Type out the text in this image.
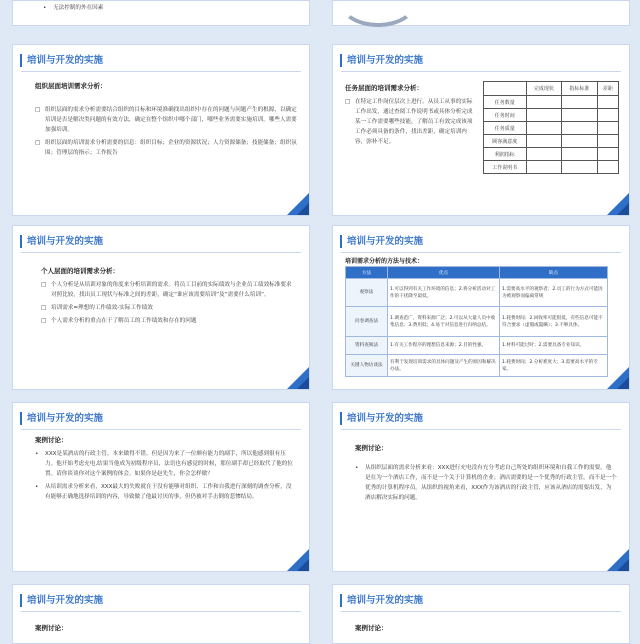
• 无法控制的外在因素
培训与开发的实施
组织层面培训需求分析：

□ 组织层面的需求分析需要结合组织的目标和环境准确找出组织中存在的问题与问题产生的根源，以确定培训是否是解决类问题的有效方法，确定在整个组织中哪个部门，哪些业务需要实施培训，哪些人需要加强培训。

□ 组织层面的培训需求分析需要的信息：组织目标；企业的资源状况；人力资源储备；技能储备；组织氛围；管理层的指示；工作报告

培训与开发的实施
任务层面的培训需求分析：

□ 在特定工作岗位层次上进行。从员工从事的实际工作出发，通过查阅工作说明书或具体分析完成某一工作需要哪些技能，了解员工有效完成该项工作必须具备的条件，找出差距，确定培训内容，弥补不足。

	完成现状	指标标准	差距
任务数量			
任务时间			
任务质量			
顾客满意度			
利润指标			
工作说明书			
培训与开发的实施
个人层面的培训需求分析：

□ 个人分析是从培训对象的角度来分析培训的需求。将员工目前的实际绩效与企业员工绩效标准要求对照比较，找出员工现状与标准之间的差距，确定“谁应该需要培训”及“需要什么培训”。

□ 培训需求=理想的工作绩效-实际工作绩效

□ 个人需求分析的重点在于了解员工的工作绩效和存在的问题

培训与开发的实施
培训需求分析的方法与技术：
方法	优点	缺点
观察法	1.可以得到有关工作环境的信息；2.将分析活动对工作的干扰降至最低。	1.需要高水平的观察者；2.员工的行为方式可能因为被观察而偏离常规
问卷调查法	1.调查范广，资料来源广泛；2.可以从大量人员中收集信息；3.费用低；4.易于对信息进行归纳总结。	1.耗费时间；2.回收率可能很低，有些信息可能不符合要求（虚假或隐瞒）；3.不够具体。
资料查阅法	1.有关工作程序的理想信息来源；2.目的性强。	1.材料可能过时；2.需要具备专业知识。
关键人物访谈法	有利于发现培训需求的具体问题及产生的原因和解决办法。	1.耗费时间；2.分析难度大；3.需要高水平的专家。
培训与开发的实施
案例讨论：

• XXX是某酒店的行政主管。本来做得不错。但是因为来了一位颇有能力的副手，所以他感到很有压力。他开始考虑充电,结果当他成为初级程序员，法语也有感觉的时候，那位副手却已经取代了他的位置。请你谈谈你对这个案例的体会。如果你是赵先生，你会怎样做？

• 从培训需求分析来看，XXX最大的失败就在于没有能够对组织、工作和自我进行深刻的调查分析，没有能够正确地选择培训的内容，导致做了他最讨厌的事，但仍被对手击倒的悲惨结局。

培训与开发的实施
案例讨论：

• 从组织层面的需求分析来看：XXX进行充电没有充分考虑自己所处的组织环境和自我工作的需要。他是在为一个酒店工作，而不是一个关于计算机的企业；酒店需要的是一个优秀的行政主管，而不是一个优秀的计算机程序员。从组织的视角来看，XXX作为该酒店的行政主管，应该从酒店的需要出发，为酒店解决实际的问题。

培训与开发的实施
案例讨论：
培训与开发的实施
案例讨论：
